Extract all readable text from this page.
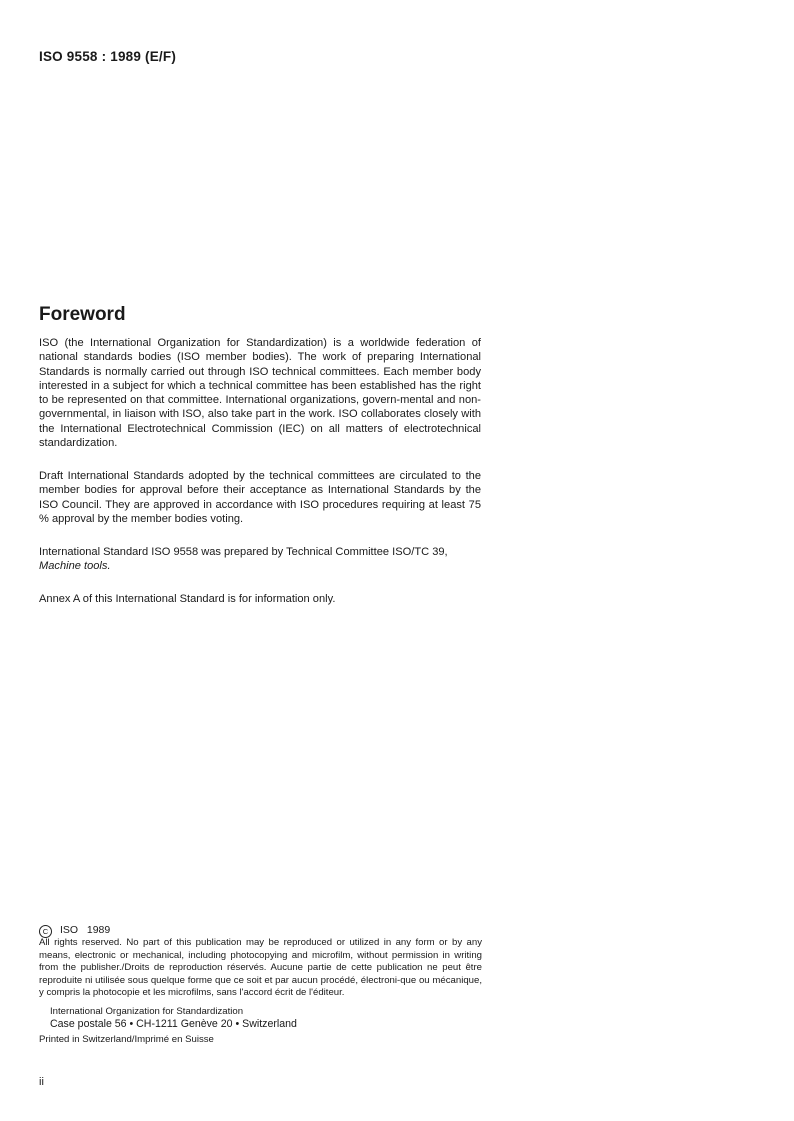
ISO 9558 : 1989 (E/F)
Foreword

ISO (the International Organization for Standardization) is a worldwide federation of national standards bodies (ISO member bodies). The work of preparing International Standards is normally carried out through ISO technical committees. Each member body interested in a subject for which a technical committee has been established has the right to be represented on that committee. International organizations, govern-mental and non-governmental, in liaison with ISO, also take part in the work. ISO collaborates closely with the International Electrotechnical Commission (IEC) on all matters of electrotechnical standardization.

Draft International Standards adopted by the technical committees are circulated to the member bodies for approval before their acceptance as International Standards by the ISO Council. They are approved in accordance with ISO procedures requiring at least 75 % approval by the member bodies voting.

International Standard ISO 9558 was prepared by Technical Committee ISO/TC 39,
Machine tools.

Annex A of this International Standard is for information only.

C ISO 1989

All rights reserved. No part of this publication may be reproduced or utilized in any form or by any means, electronic or mechanical, including photocopying and microfilm, without permission in writing from the publisher./Droits de reproduction réservés. Aucune partie de cette publication ne peut être reproduite ni utilisée sous quelque forme que ce soit et par aucun procédé, électroni-que ou mécanique, y compris la photocopie et les microfilms, sans l'accord écrit de l'éditeur.

International Organization for Standardization
Case postale 56 • CH-1211 Genève 20 • Switzerland
Printed in Switzerland/Imprimé en Suisse
ii
